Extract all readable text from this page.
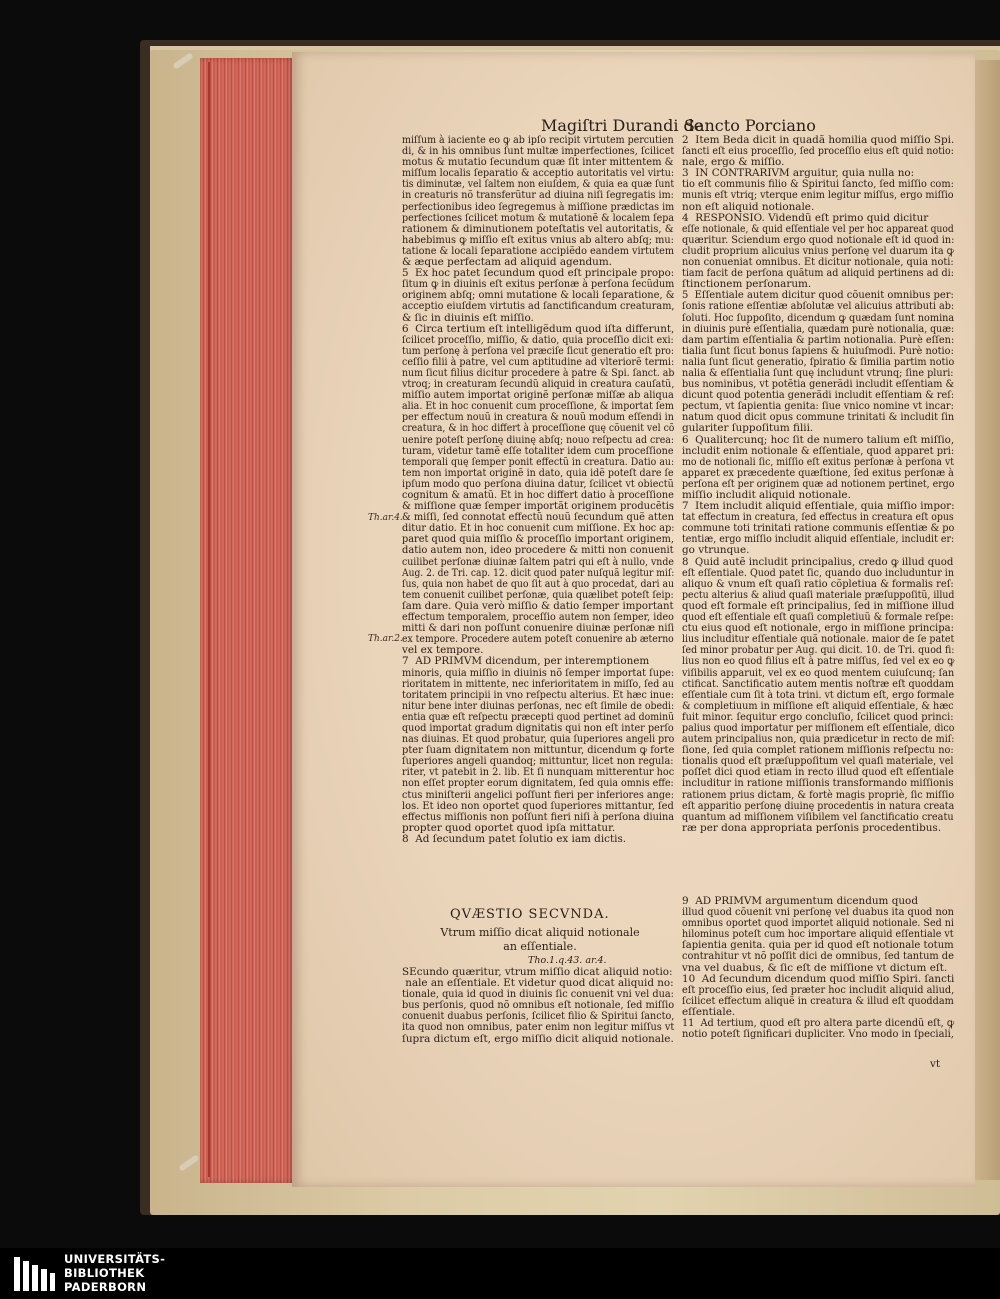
Magiſtri Durandi de
Sancto Porciano
Th.ar.4.
Th.ar.2.

miſſum à iaciente eo ꝙ ab ipſo recipit virtutem percutien

di, & in his omnibus ſunt multæ imperfectiones, ſcilicet

motus & mutatio ſecundum quæ ſit inter mittentem &

miſſum localis ſeparatio & acceptio autoritatis vel virtu:

tis diminutæ, vel ſaltem non eiuſdem, & quia ea quæ ſunt

in creaturis nõ transferũtur ad diuina niſi ſegregatis im:

perfectionibus ideo ſegregemus à miſſione prædictas im

perfectiones ſcilicet motum & mutationẽ & localem ſepa

rationem & diminutionem poteſtatis vel autoritatis, &

habebimus ꝙ miſſio eſt exitus vnius ab altero abſq; mu:

tatione & locali ſeparatione accipiẽdo eandem virtutem

& æque perfectam ad aliquid agendum.

5  Ex hoc patet ſecundum quod eſt principale propo:

ſitum ꝙ in diuinis eſt exitus perſonæ à perſona ſecũdum

originem abſq; omni mutatione & locali ſeparatione, &

acceptio eiuſdem virtutis ad ſanctificandum creaturam,

& ſic in diuinis eſt miſſio.

6  Circa tertium eſt intelligẽdum quod iſta differunt,

ſcilicet proceſſio, miſſio, & datio, quia proceſſio dicit exi:

tum perſonę à perſona vel præciſe ſicut generatio eſt pro:

ceſſio filii à patre, vel cum aptitudine ad vlteriorẽ termi:

num ſicut filius dicitur procedere à patre & Spi. ſanct. ab

vtroq; in creaturam ſecundũ aliquid in creatura cauſatũ,

miſſio autem importat originẽ perſonæ miſſæ ab aliqua

alia. Et in hoc conuenit cum proceſſione, & importat ſem

per effectum nouũ in creatura & nouũ modum eſſendi in

creatura, & in hoc differt à proceſſione quę cõuenit vel cõ

uenire poteſt perſonę diuinę abſq; nouo reſpectu ad crea:

turam, videtur tamẽ eſſe totaliter idem cum proceſſione

temporali quę ſemper ponit effectũ in creatura. Datio au:

tem non importat originẽ in dato, quia idẽ poteſt dare ſe

ipſum modo quo perſona diuina datur, ſcilicet vt obiectũ

cognitum & amatũ. Et in hoc differt datio à proceſſione

& miſſione quæ ſemper importãt originem producẽtis

& miſſi, ſed connotat effectũ nouũ ſecundum quẽ atten

ditur datio. Et in hoc conuenit cum miſſione. Ex hoc ap:

paret quod quia miſſio & proceſſio important originem,

datio autem non, ideo procedere & mitti non conuenit

cuilibet perſonæ diuinæ ſaltem patri qui eſt à nullo, vnde

Aug. 2. de Tri. cap. 12. dicit quod pater nuſquã legitur miſ:

ſus, quia non habet de quo ſit aut à quo procedat, dari au

tem conuenit cuilibet perſonæ, quia quælibet poteſt ſeip:

ſam dare. Quia verò miſſio & datio ſemper important

effectum temporalem, proceſſio autem non ſemper, ideo

mitti & dari non poſſunt conuenire diuinæ perſonæ niſi

ex tempore. Procedere autem poteſt conuenire ab æterno

vel ex tempore.

7  AD PRIMVM dicendum, per interemptionem

minoris, quia miſſio in diuinis nõ ſemper importat ſupe:

rioritatem in mittente, nec inferioritatem in miſſo, ſed au

toritatem principii in vno reſpectu alterius. Et hæc inue:

nitur bene inter diuinas perſonas, nec eſt ſimile de obedi:

entia quæ eſt reſpectu præcepti quod pertinet ad dominũ

quod importat gradum dignitatis qui non eſt inter perſo

nas diuinas. Et quod probatur, quia ſuperiores angeli pro

pter ſuam dignitatem non mittuntur, dicendum ꝙ forte

ſuperiores angeli quandoq; mittuntur, licet non regula:

riter, vt patebit in 2. lib. Et ſi nunquam mitterentur hoc

non eſſet propter eorum dignitatem, ſed quia omnis effe:

ctus miniſterii angelici poſſunt fieri per inferiores ange:

los. Et ideo non oportet quod ſuperiores mittantur, ſed

effectus miſſionis non poſſunt fieri niſi à perſona diuina

propter quod oportet quod ipſa mittatur.

8  Ad ſecundum patet ſolutio ex iam dictis.

QVÆSTIO SECVNDA.
Vtrum miſſio dicat aliquid notionale
an eſſentiale.
Tho.1.q.43. ar.4.

SEcundo quæritur, vtrum miſſio dicat aliquid notio:

nale an eſſentiale. Et videtur quod dicat aliquid no:

tionale, quia id quod in diuinis ſic conuenit vni vel dua:

bus perſonis, quod nõ omnibus eſt notionale, ſed miſſio

conuenit duabus perſonis, ſcilicet filio & Spiritui ſancto,

ita quod non omnibus, pater enim non legitur miſſus vt

ſupra dictum eſt, ergo miſſio dicit aliquid notionale.

2  Item Beda dicit in quadã homilia quod miſſio Spi.

ſancti eſt eius proceſſio, ſed proceſſio eius eſt quid notio:

nale, ergo & miſſio.

3  IN CONTRARIVM arguitur, quia nulla no:

tio eſt communis filio & Spiritui ſancto, ſed miſſio com:

munis eſt vtriq; vterque enim legitur miſſus, ergo miſſio

non eſt aliquid notionale.

4  RESPONSIO. Videndũ eſt primo quid dicitur

eſſe notionale, & quid eſſentiale vel per hoc appareat quod

quæritur. Sciendum ergo quod notionale eſt id quod in:

cludit proprium alicuius vnius perſonę vel duarum ita ꝙ

non conueniat omnibus. Et dicitur notionale, quia noti:

tiam facit de perſona quãtum ad aliquid pertinens ad di:

ſtinctionem perſonarum.

5  Eſſentiale autem dicitur quod cõuenit omnibus per:

ſonis ratione eſſentiæ abſolutæ vel alicuius attributi ab:

ſoluti. Hoc ſuppoſito, dicendum ꝙ quædam ſunt nomina

in diuinis purè eſſentialia, quædam purè notionalia, quæ:

dam partim eſſentialia & partim notionalia. Purè eſſen:

tialia ſunt ſicut bonus ſapiens & huiuſmodi. Purè notio:

nalia ſunt ſicut generatio, ſpiratio & ſimilia partim notio

nalia & eſſentialia ſunt quę includunt vtrunq; ſine pluri:

bus nominibus, vt potẽtia generãdi includit eſſentiam &

dicunt quod potentia generãdi includit eſſentiam & reſ:

pectum, vt ſapientia genita: ſiue vnico nomine vt incar:

natum quod dicit opus commune trinitati & includit ſin

gulariter ſuppoſitum filii.

6  Qualitercunq; hoc ſit de numero talium eſt miſſio,

includit enim notionale & eſſentiale, quod apparet pri:

mo de notionali ſic, miſſio eſt exitus perſonæ à perſona vt

apparet ex præcedente quæſtione, ſed exitus perſonæ à

perſona eſt per originem quæ ad notionem pertinet, ergo

miſſio includit aliquid notionale.

7  Item includit aliquid eſſentiale, quia miſſio impor:

tat effectum in creatura, ſed effectus in creatura eſt opus

commune toti trinitati ratione communis eſſentiæ & po

tentiæ, ergo miſſio includit aliquid eſſentiale, includit er:

go vtrunque.

8  Quid autẽ includit principalius, credo ꝙ illud quod

eſt eſſentiale. Quod patet ſic, quando duo includuntur in

aliquo & vnum eſt quaſi ratio cõpletiua & formalis reſ:

pectu alterius & aliud quaſi materiale præſuppoſitũ, illud

quod eſt formale eſt principalius, ſed in miſſione illud

quod eſt eſſentiale eſt quaſi completiuũ & formale reſpe:

ctu eius quod eſt notionale, ergo in miſſione principa:

lius includitur eſſentiale quã notionale. maior de ſe patet

ſed minor probatur per Aug. qui dicit. 10. de Tri. quod fi:

lius non eo quod filius eſt à patre miſſus, ſed vel ex eo ꝙ

viſibilis apparuit, vel ex eo quod mentem cuiuſcunq; ſan

ctificat. Sanctificatio autem mentis noſtræ eſt quoddam

eſſentiale cum ſit à tota trini. vt dictum eſt, ergo formale

& completiuum in miſſione eſt aliquid eſſentiale, & hæc

fuit minor. ſequitur ergo concluſio, ſcilicet quod princi:

palius quod importatur per miſſionem eſt eſſentiale, dico

autem principalius non, quia prædicetur in recto de miſ:

ſione, ſed quia complet rationem miſſionis reſpectu no:

tionalis quod eſt præſuppoſitum vel quaſi materiale, vel

poſſet dici quod etiam in recto illud quod eſt eſſentiale

includitur in ratione miſſionis transformando miſſionis

rationem prius dictam, & fortè magis propriè, ſic miſſio

eſt apparitio perſonę diuinę procedentis in natura creata

quantum ad miſſionem viſibilem vel ſanctificatio creatu

ræ per dona appropriata perſonis procedentibus.

9  AD PRIMVM argumentum dicendum quod

illud quod cõuenit vni perſonę vel duabus ita quod non

omnibus oportet quod importet aliquid notionale. Sed ni

hilominus poteſt cum hoc importare aliquid eſſentiale vt

ſapientia genita. quia per id quod eſt notionale totum

contrahitur vt nõ poſſit dici de omnibus, ſed tantum de

vna vel duabus, & ſic eſt de miſſione vt dictum eſt.

10  Ad ſecundum dicendum quod miſſio Spiri. ſancti

eſt proceſſio eius, ſed præter hoc includit aliquid aliud,

ſcilicet effectum aliquẽ in creatura & illud eſt quoddam

eſſentiale.

11  Ad tertium, quod eſt pro altera parte dicendũ eſt, ꝙ

notio poteſt ſignificari dupliciter. Vno modo in ſpeciali,

vt
UNIVERSITÄTS-
BIBLIOTHEK
PADERBORN
